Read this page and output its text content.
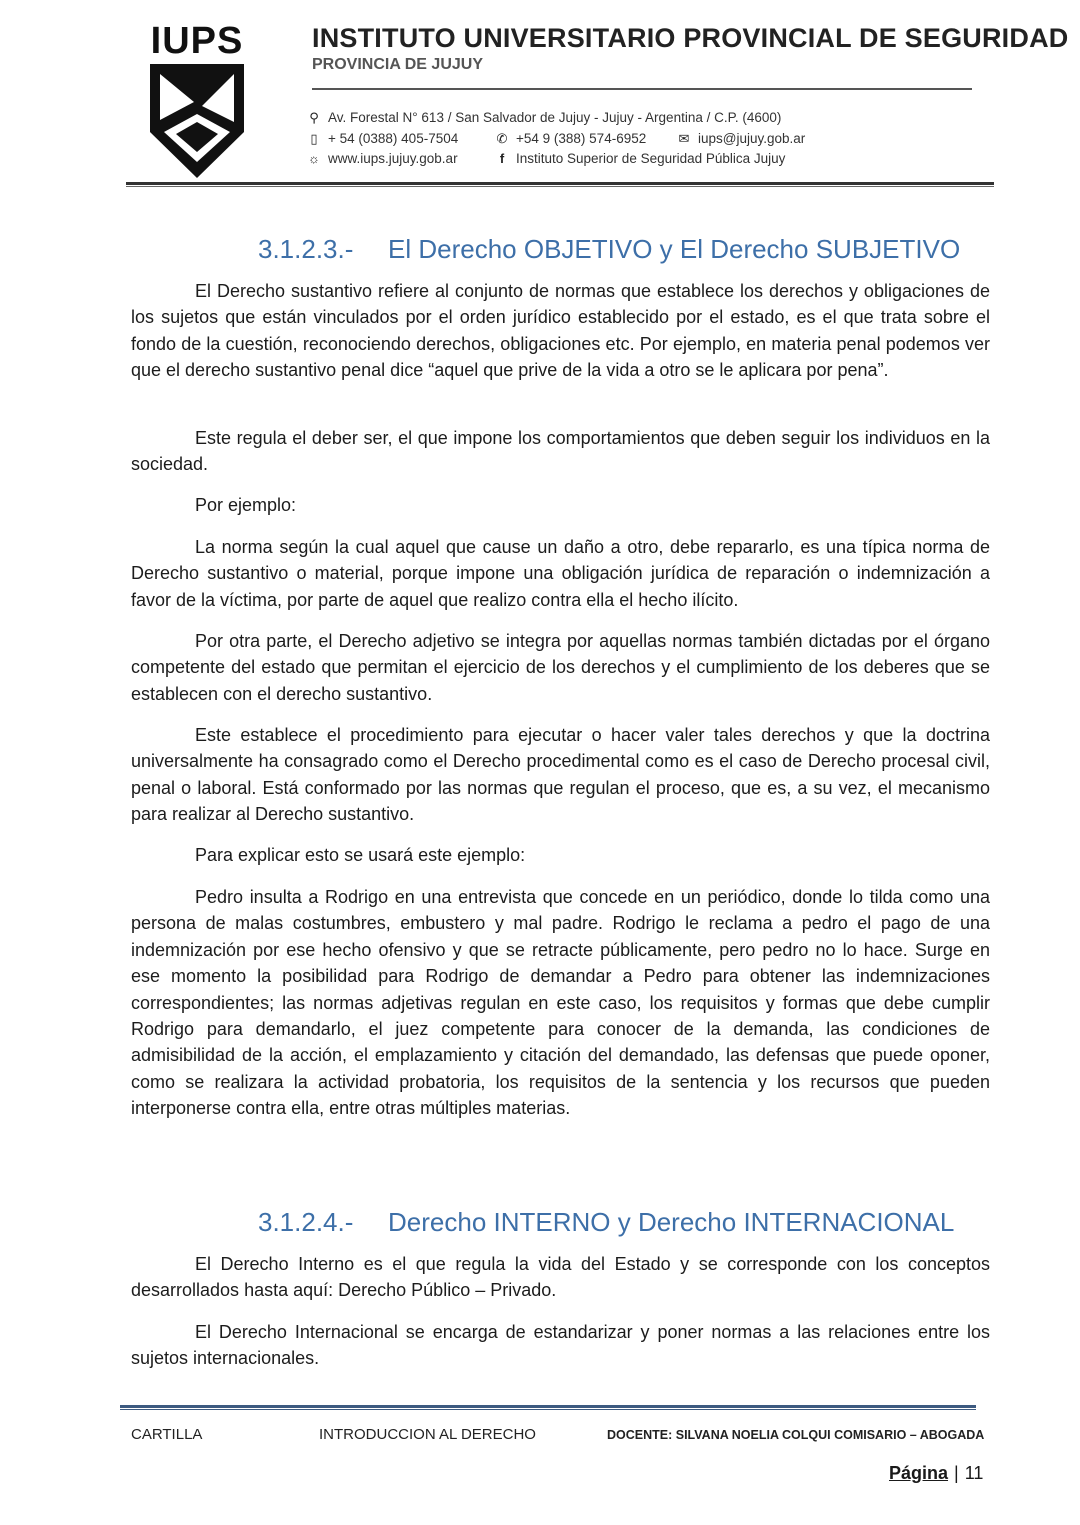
IUPS	INSTITUTO UNIVERSITARIO PROVINCIAL DE SEGURIDAD
PROVINCIA DE JUJUY
⚲ Av. Forestal N° 613 / San Salvador de Jujuy - Jujuy - Argentina / C.P. (4600)
▯ + 54 (0388) 405-7504	✆ +54 9 (388) 574-6952 ✉ iups@jujuy.gob.ar
☼ www.iups.jujuy.gob.ar	f Instituto Superior de Seguridad Pública Jujuy
3.1.2.3.- El Derecho OBJETIVO y El Derecho SUBJETIVO

El Derecho sustantivo refiere al conjunto de normas que establece los derechos y obligaciones de los sujetos que están vinculados por el orden jurídico establecido por el estado, es el que trata sobre el fondo de la cuestión, reconociendo derechos, obligaciones etc. Por ejemplo, en materia penal podemos ver que el derecho sustantivo penal dice “aquel que prive de la vida a otro se le aplicara por pena”.

Este regula el deber ser, el que impone los comportamientos que deben seguir los individuos en la sociedad.

Por ejemplo:

La norma según la cual aquel que cause un daño a otro, debe repararlo, es una típica norma de Derecho sustantivo o material, porque impone una obligación jurídica de reparación o indemnización a favor de la víctima, por parte de aquel que realizo contra ella el hecho ilícito.

Por otra parte, el Derecho adjetivo se integra por aquellas normas también dictadas por el órgano competente del estado que permitan el ejercicio de los derechos y el cumplimiento de los deberes que se establecen con el derecho sustantivo.

Este establece el procedimiento para ejecutar o hacer valer tales derechos y que la doctrina universalmente ha consagrado como el Derecho procedimental como es el caso de Derecho procesal civil, penal o laboral. Está conformado por las normas que regulan el proceso, que es, a su vez, el mecanismo para realizar al Derecho sustantivo.

Para explicar esto se usará este ejemplo:

Pedro insulta a Rodrigo en una entrevista que concede en un periódico, donde lo tilda como una persona de malas costumbres, embustero y mal padre. Rodrigo le reclama a pedro el pago de una indemnización por ese hecho ofensivo y que se retracte públicamente, pero pedro no lo hace. Surge en ese momento la posibilidad para Rodrigo de demandar a Pedro para obtener las indemnizaciones correspondientes; las normas adjetivas regulan en este caso, los requisitos y formas que debe cumplir Rodrigo para demandarlo, el juez competente para conocer de la demanda, las condiciones de admisibilidad de la acción, el emplazamiento y citación del demandado, las defensas que puede oponer, como se realizara la actividad probatoria, los requisitos de la sentencia y los recursos que pueden interponerse contra ella, entre otras múltiples materias.

3.1.2.4.- Derecho INTERNO y Derecho INTERNACIONAL

El Derecho Interno es el que regula la vida del Estado y se corresponde con los conceptos desarrollados hasta aquí: Derecho Público – Privado.

El Derecho Internacional se encarga de estandarizar y poner normas a las relaciones entre los sujetos internacionales.

CARTILLA	INTRODUCCION AL DERECHO	DOCENTE: SILVANA NOELIA COLQUI COMISARIO – ABOGADA
Página | 11
